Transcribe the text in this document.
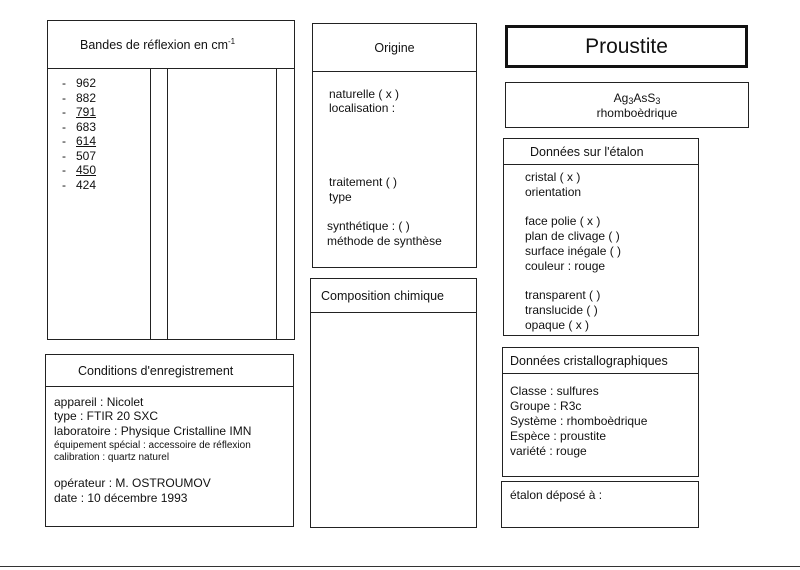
Bandes de réflexion en $cm^{-1}$
- 962
- 882
- 791
- 683
- 614
- 507
- 450
- 424
Origine
naturelle ( x )
localisation :
traitement ( )
type
synthétique : ( )
méthode de synthèse
Composition chimique
Conditions d'enregistrement
appareil : Nicolet
type : FTIR 20 SXC
laboratoire : Physique Cristalline IMN
équipement spécial : accessoire de réflexion
calibration : quartz naturel
opérateur : M. OSTROUMOV
date : 10 décembre 1993
Proustite
$Ag_3AsS_3$
rhomboèdrique
Données sur l'étalon
cristal ( x )
orientation
face polie ( x )
plan de clivage ( )
surface inégale ( )
couleur : rouge
transparent ( )
translucide ( )
opaque ( x )
Données cristallographiques
Classe : sulfures
Groupe : R3c
Système : rhomboèdrique
Espèce : proustite
variété : rouge
étalon déposé à :
